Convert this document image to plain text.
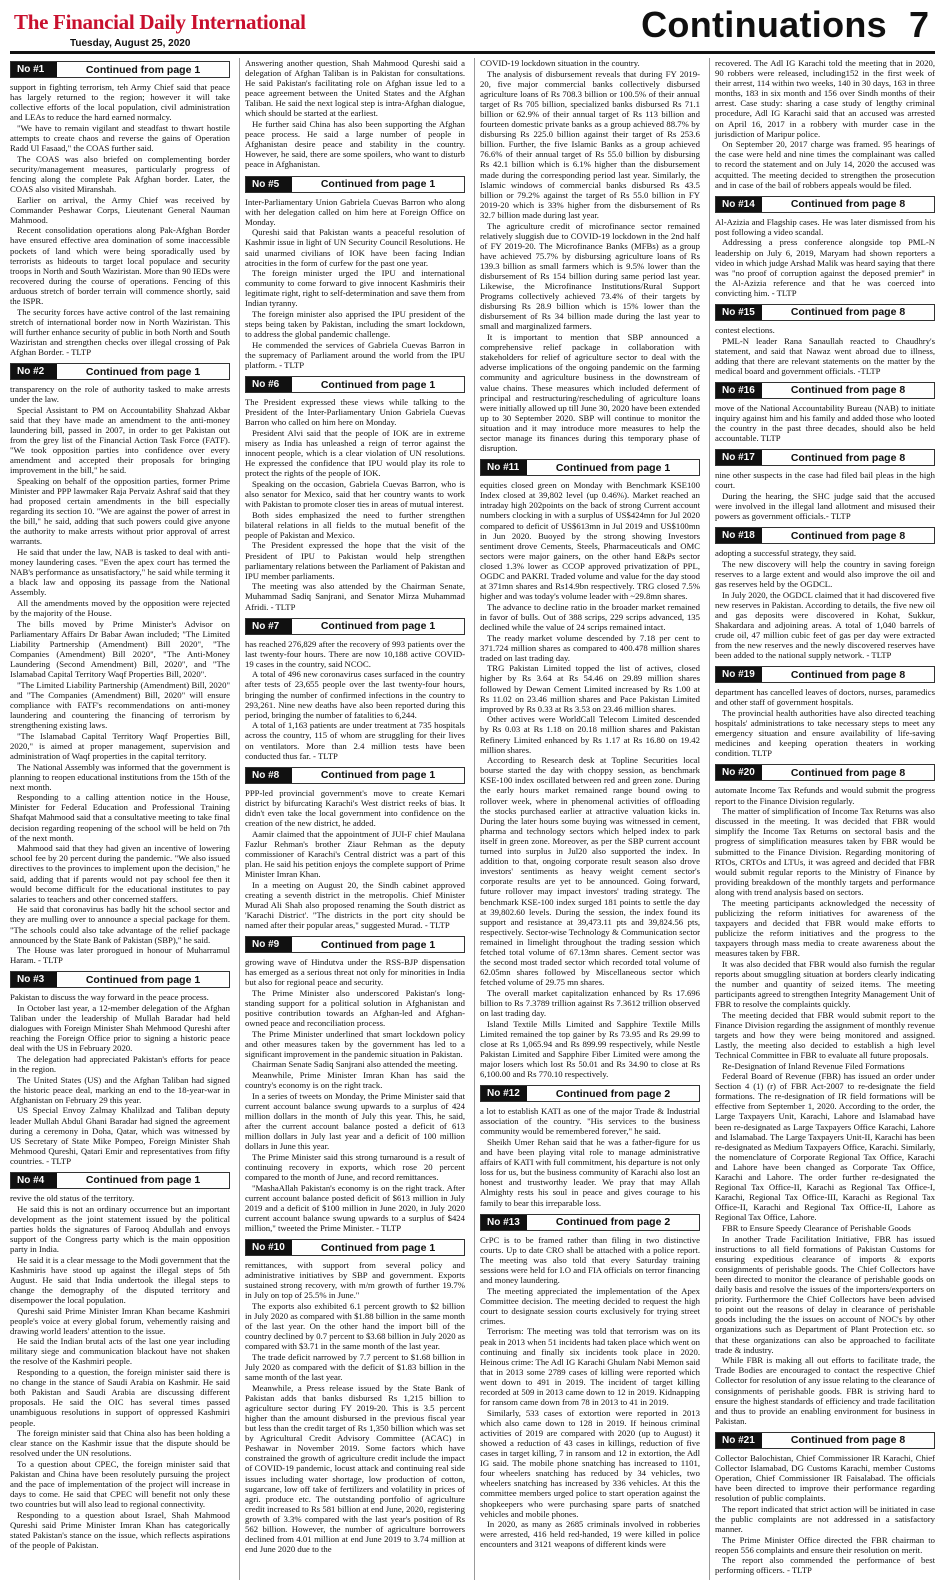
The Financial Daily International
Tuesday, August 25, 2020	Continuations 7
No #1	Continued from page 1

support in fighting terrorism, teh Army Chief said that peace has largely returned to the region; however it will take collective efforts of the local population, civil administration and LEAs to reduce the hard earned normalcy.

"We have to remain vigilant and steadfast to thwart hostile attempts to create chaos and reverse the gains of Operation Radd Ul Fasaad," the COAS further said.

The COAS was also briefed on complementing border security/management measures, particularly progress of fencing along the complete Pak Afghan border. Later, the COAS also visited Miranshah.

Earlier on arrival, the Army Chief was received by Commander Peshawar Corps, Lieutenant General Nauman Mahmood.

Recent consolidation operations along Pak-Afghan Border have ensured effective area domination of some inaccessible pockets of land which were being sporadically used by terrorists as hideouts to target local populace and security troops in North and South Waziristan. More than 90 IEDs were recovered during the course of operations. Fencing of this arduous stretch of border terrain will commence shortly, said the ISPR.

The security forces have active control of the last remaining stretch of international border now in North Waziristan. This will further enhance security of public in both North and South Waziristan and strengthen checks over illegal crossing of Pak Afghan Border. - TLTP

No #2	Continued from page 1

transparency on the role of authority tasked to make arrests under the law.

Special Assistant to PM on Accountability Shahzad Akbar said that they have made an amendment to the anti-money laundering bill, passed in 2007, in order to get Pakistan out from the grey list of the Financial Action Task Force (FATF). "We took opposition parties into confidence over every amendment and accepted their proposals for bringing improvement in the bill," he said.

Speaking on behalf of the opposition parties, former Prime Minister and PPP lawmaker Raja Pervaiz Ashraf said that they had proposed certain amendments in the bill especially regarding its section 10. "We are against the power of arrest in the bill," he said, adding that such powers could give anyone the authority to make arrests without prior approval of arrest warrants.

He said that under the law, NAB is tasked to deal with anti-money laundering cases. "Even the apex court has termed the NAB's performance as unsatisfactory," he said while terming it a black law and opposing its passage from the National Assembly.

All the amendments moved by the opposition were rejected by the majority of the House.

The bills moved by Prime Minister's Advisor on Parliamentary Affairs Dr Babar Awan included; "The Limited Liability Partnership (Amendment) Bill 2020", "The Companies (Amendment) Bill 2020", "The Anti-Money Laundering (Second Amendment) Bill, 2020", and "The Islamabad Capital Territory Waqf Properties Bill, 2020".

"The Limited Liability Partnership (Amendment) Bill, 2020" and "The Companies (Amendment) Bill, 2020" will ensure compliance with FATF's recommendations on anti-money laundering and countering the financing of terrorism by strengthening existing laws.

"The Islamabad Capital Territory Waqf Properties Bill, 2020," is aimed at proper management, supervision and administration of Waqf properties in the capital territory.

The National Assembly was informed that the government is planning to reopen educational institutions from the 15th of the next month.

Responding to a calling attention notice in the House, Minister for Federal Education and Professional Training Shafqat Mahmood said that a consultative meeting to take final decision regarding reopening of the school will be held on 7th of the next month.

Mahmood said that they had given an incentive of lowering school fee by 20 percent during the pandemic. "We also issued directives to the provinces to implement upon the decision," he said, adding that if parents would not pay school fee then it would become difficult for the educational institutes to pay salaries to teachers and other concerned staffers.

He said that coronavirus has badly hit the school sector and they are mulling over to announce a special package for them. "The schools could also take advantage of the relief package announced by the State Bank of Pakistan (SBP)," he said.

The House was later prorogued in honour of Muharramul Haram. - TLTP

No #3	Continued from page 1

Pakistan to discuss the way forward in the peace process.

In October last year, a 12-member delegation of the Afghan Taliban under the leadership of Mullah Baradar had held dialogues with Foreign Minister Shah Mehmood Qureshi after reaching the Foreign Office prior to signing a historic peace deal with the US in February 2020.

The delegation had appreciated Pakistan's efforts for peace in the region.

The United States (US) and the Afghan Taliban had signed the historic peace deal, marking an end to the 18-year-war in Afghanistan on February 29 this year.

US Special Envoy Zalmay Khalilzad and Taliban deputy leader Mullah Abdul Ghani Baradar had signed the agreement during a ceremony in Doha, Qatar, which was witnessed by US Secretary of State Mike Pompeo, Foreign Minister Shah Mehmood Qureshi, Qatari Emir and representatives from fifty countries. - TLTP

No #4	Continued from page 1

revive the old status of the territory.

He said this is not an ordinary occurrence but an important development as the joint statement issued by the political parties holds the signatures of Farooq Abdullah and envoys support of the Congress party which is the main opposition party in India.

He said it is a clear message to the Modi government that the Kashmiris have stood up against the illegal steps of 5th August. He said that India undertook the illegal steps to change the demography of the disputed territory and disempower the local population.

Qureshi said Prime Minister Imran Khan became Kashmiri people's voice at every global forum, vehemently raising and drawing world leaders' attention to the issue.

He said the Indian brutal acts of the last one year including military siege and communication blackout have not shaken the resolve of the Kashmiri people.

Responding to a question, the foreign minister said there is no change in the stance of Saudi Arabia on Kashmir. He said both Pakistan and Saudi Arabia are discussing different proposals. He said the OIC has several times passed unambiguous resolutions in support of oppressed Kashmiri people.

The foreign minister said that China also has been holding a clear stance on the Kashmir issue that the dispute should be resolved under the UN resolutions.

To a question about CPEC, the foreign minister said that Pakistan and China have been resolutely pursuing the project and the pace of implementation of the project will increase in days to come. He said that CPEC will benefit not only these two countries but will also lead to regional connectivity.

Responding to a question about Israel, Shah Mahmood Qureshi said Prime Minister Imran Khan has categorically stated Pakistan's stance on the issue, which reflects aspirations of the people of Pakistan.

Answering another question, Shah Mahmood Qureshi said a delegation of Afghan Taliban is in Pakistan for consultations. He said Pakistan's facilitating role on Afghan issue led to a peace agreement between the United States and the Afghan Taliban. He said the next logical step is intra-Afghan dialogue, which should be started at the earliest.

He further said China has also been supporting the Afghan peace process. He said a large number of people in Afghanistan desire peace and stability in the country. However, he said, there are some spoilers, who want to disturb peace in Afghanistan.

No #5	Continued from page 1

Inter-Parliamentary Union Gabriela Cuevas Barron who along with her delegation called on him here at Foreign Office on Monday.

Qureshi said that Pakistan wants a peaceful resolution of Kashmir issue in light of UN Security Council Resolutions. He said unarmed civilians of IOK have been facing Indian atrocities in the form of curfew for the past one year.

The foreign minister urged the IPU and international community to come forward to give innocent Kashmiris their legitimate right, right to self-determination and save them from Indian tyranny.

The foreign minister also apprised the IPU president of the steps being taken by Pakistan, including the smart lockdown, to address the global pandemic challenge.

He commended the services of Gabriela Cuevas Barron in the supremacy of Parliament around the world from the IPU platform. - TLTP

No #6	Continued from page 1

The President expressed these views while talking to the President of the Inter-Parliamentary Union Gabriela Cuevas Barron who called on him here on Monday.

President Alvi said that the people of IOK are in extreme misery as India has unleashed a reign of terror against the innocent people, which is a clear violation of UN resolutions. He expressed the confidence that IPU would play its role to protect the rights of the people of IOK.

Speaking on the occasion, Gabriela Cuevas Barron, who is also senator for Mexico, said that her country wants to work with Pakistan to promote closer ties in areas of mutual interest.

Both sides emphasized the need to further strengthen bilateral relations in all fields to the mutual benefit of the people of Pakistan and Mexico.

The President expressed the hope that the visit of the President of IPU to Pakistan would help strengthen parliamentary relations between the Parliament of Pakistan and IPU member parliaments.

The meeting was also attended by the Chairman Senate, Muhammad Sadiq Sanjrani, and Senator Mirza Muhammad Afridi. - TLTP

No #7	Continued from page 1

has reached 276,829 after the recovery of 993 patients over the last twenty-four hours. There are now 10,188 active COVID-19 cases in the country, said NCOC.

A total of 496 new coronavirus cases surfaced in the country after tests of 23,655 people over the last twenty-four hours, bringing the number of confirmed infections in the country to 293,261. Nine new deaths have also been reported during this period, bringing the number of fatalities to 6,244.

A total of 1,163 patients are under treatment at 735 hospitals across the country, 115 of whom are struggling for their lives on ventilators. More than 2.4 million tests have been conducted thus far. - TLTP

No #8	Continued from page 1

PPP-led provincial government's move to create Kemari district by bifurcating Karachi's West district reeks of bias. It didn't even take the local government into confidence on the creation of the new district, he added.

Aamir claimed that the appointment of JUI-F chief Maulana Fazlur Rehman's brother Ziaur Rehman as the deputy commissioner of Karachi's Central district was a part of this plan. He said his petition enjoys the complete support of Prime Minister Imran Khan.

In a meeting on August 20, the Sindh cabinet approved creating a seventh district in the metropolis. Chief Minister Murad Ali Shah also proposed renaming the South district as 'Karachi District'. "The districts in the port city should be named after their popular areas," suggested Murad. - TLTP

No #9	Continued from page 1

growing wave of Hindutva under the RSS-BJP dispensation has emerged as a serious threat not only for minorities in India but also for regional peace and security.

The Prime Minister also underscored Pakistan's long-standing support for a political solution in Afghanistan and positive contribution towards an Afghan-led and Afghan-owned peace and reconciliation process.

The Prime Minister underlined that smart lockdown policy and other measures taken by the government has led to a significant improvement in the pandemic situation in Pakistan.

Chairman Senate Sadiq Sanjrani also attended the meeting.

Meanwhile, Prime Minister Imran Khan has said the country's economy is on the right track.

In a series of tweets on Monday, the Prime Minister said that current account balance swung upwards to a surplus of 424 million dollars in the month of July this year. This, he said, after the current account balance posted a deficit of 613 million dollars in July last year and a deficit of 100 million dollars in June this year.

The Prime Minister said this strong turnaround is a result of continuing recovery in exports, which rose 20 percent compared to the month of June, and record remittances.

"MashaAllah Pakistan's economy is on the right track. After current account balance posted deficit of $613 million in July 2019 and a deficit of $100 million in June 2020, in July 2020 current account balance swung upwards to a surplus of $424 million," tweeted the Prime Minister. - TLTP

No #10	Continued from page 1

remittances, with support from several policy and administrative initiatives by SBP and government. Exports sustained strong recovery, with m/m growth of further 19.7% in July on top of 25.5% in June."

The exports also exhibited 6.1 percent growth to $2 billion in July 2020 as compared with $1.88 billion in the same month of the last year. On the other hand the import bill of the country declined by 0.7 percent to $3.68 billion in July 2020 as compared with $3.71 in the same month of the last year.

The trade deficit narrowed by 7.7 percent to $1.68 billion in July 2020 as compared with the deficit of $1.83 billion in the same month of the last year.

Meanwhile, a Press release issued by the State Bank of Pakistan adds that banks disbursed Rs 1,215 billion to agriculture sector during FY 2019-20. This is 3.5 percent higher than the amount disbursed in the previous fiscal year but less than the credit target of Rs 1,350 billion which was set by Agricultural Credit Advisory Committee (ACAC) in Peshawar in November 2019. Some factors which have constrained the growth of agriculture credit include the impact of COVID-19 pandemic, locust attack and continuing real side issues including water shortage, low production of cotton, sugarcane, low off take of fertilizers and volatility in prices of agri. produce etc. The outstanding portfolio of agriculture credit increased to Rs 581 billion at end June, 2020, registering growth of 3.3% compared with the last year's position of Rs 562 billion. However, the number of agriculture borrowers declined from 4.01 million at end June 2019 to 3.74 million at end June 2020 due to the

COVID-19 lockdown situation in the country.

The analysis of disbursement reveals that during FY 2019-20, five major commercial banks collectively disbursed agriculture loans of Rs 708.3 billion or 100.5% of their annual target of Rs 705 billion, specialized banks disbursed Rs 71.1 billion or 62.9% of their annual target of Rs 113 billion and fourteen domestic private banks as a group achieved 88.7% by disbursing Rs 225.0 billion against their target of Rs 253.6 billion. Further, the five Islamic Banks as a group achieved 76.6% of their annual target of Rs 55.0 billion by disbursing Rs 42.1 billion which is 6.1% higher than the disbursement made during the corresponding period last year. Similarly, the Islamic windows of commercial banks disbursed Rs 43.5 billion or 79.2% against the target of Rs 55.0 billion in FY 2019-20 which is 33% higher from the disbursement of Rs 32.7 billion made during last year.

The agriculture credit of microfinance sector remained relatively sluggish due to COVID-19 lockdown in the 2nd half of FY 2019-20. The Microfinance Banks (MFBs) as a group have achieved 75.7% by disbursing agriculture loans of Rs 139.3 billion as small farmers which is 9.5% lower than the disbursement of Rs 154 billion during same period last year. Likewise, the Microfinance Institutions/Rural Support Programs collectively achieved 73.4% of their targets by disbursing Rs 28.9 billion which is 15% lower than the disbursement of Rs 34 billion made during the last year to small and marginalized farmers.

It is important to mention that SBP announced a comprehensive relief package in collaboration with stakeholders for relief of agriculture sector to deal with the adverse implications of the ongoing pandemic on the farming community and agriculture business in the downstream of value chains. These measures which included deferment of principal and restructuring/rescheduling of agriculture loans were initially allowed up till June 30, 2020 have been extended up to 30 September 2020. SBP will continue to monitor the situation and it may introduce more measures to help the sector manage its finances during this temporary phase of disruption.

No #11	Continued from page 1

equities closed green on Monday with Benchmark KSE100 Index closed at 39,802 level (up 0.46%). Market reached an intraday high 202points on the back of strong Current account numbers clocking in with a surplus of US$424mn for Jul 2020 compared to deficit of US$613mn in Jul 2019 and US$100mn in Jun 2020. Buoyed by the strong showing Investors sentiment drove Cements, Steels, Pharmaceuticals and OMC sectors were major gainers, on the other hand E&Ps sector closed 1.3% lower as CCOP approved privatization of PPL, OGDC and PAKRI. Traded volume and value for the day stood at 371mn shares and Rs14.9bn respectively. TRG closed 7.5% higher and was today's volume leader with ~29.8mn shares.

The advance to decline ratio in the broader market remained in favor of bulls. Out of 388 scrips, 229 scrips advanced, 135 declined while the value of 24 scrips remained intact.

The ready market volume descended by 7.18 per cent to 371.724 million shares as compared to 400.478 million shares traded on last trading day.

TRG Pakistan Limited topped the list of actives, closed higher by Rs 3.64 at Rs 54.46 on 29.89 million shares followed by Dewan Cement Limited increased by Rs 1.00 at Rs 11.02 on 23.46 million shares and Pace Pakistan Limited improved by Rs 0.33 at Rs 3.53 on 23.46 million shares.

Other actives were WorldCall Telecom Limited descended by Rs 0.03 at Rs 1.18 on 20.18 million shares and Pakistan Refinery Limited enhanced by Rs 1.17 at Rs 16.80 on 19.42 million shares.

According to Research desk at Topline Securities local bourse started the day with choppy session, as benchmark KSE-100 index oscillated between red and green zone. During the early hours market remained range bound owing to rollover week, where in phenomenal activities of offloading the stocks purchased earlier at attractive valuation kicks in. During the later hours some buying was witnessed in cement, pharma and technology sectors which helped index to park itself in green zone. Moreover, as per the SBP current account turned into surplus in Jul20 also supported the index. In addition to that, ongoing corporate result season also drove investors' sentiments as heavy weight cement sector's corporate results are yet to be announced. Going forward, future rollover may impact investors' trading strategy. The benchmark KSE-100 index surged 181 points to settle the day at 39,802.60 levels. During the session, the index found its support and resistance at 39,473.11 pts and 39,824.56 pts, respectively. Sector-wise Technology & Communication sector remained in limelight throughout the trading session which fetched total volume of 67.13mn shares. Cement sector was the second most traded sector which recorded total volume of 62.05mn shares followed by Miscellaneous sector which fetched volume of 29.75 mn shares.

The overall market capitalization enhanced by Rs 17.696 billion to Rs 7.3789 trillion against Rs 7.3612 trillion observed on last trading day.

Island Textile Mills Limited and Sapphire Textile Mills Limited remained the top gainer by Rs 73.95 and Rs 29.99 to close at Rs 1,065.94 and Rs 899.99 respectively, while Nestle Pakistan Limited and Sapphire Fiber Limited were among the major losers which lost Rs 50.01 and Rs 34.90 to close at Rs 6,100.00 and Rs 770.10 respectively.

No #12	Continued from page 2

a lot to establish KATI as one of the major Trade & Industrial association of the country. "His services to the business community would be remembered forever," he said.

Sheikh Umer Rehan said that he was a father-figure for us and have been playing vital role to manage administrative affairs of KATI with full commitment, his departure is not only loss for us, but the business community of Karachi also lost an honest and trustworthy leader. We pray that may Allah Almighty rests his soul in peace and gives courage to his family to bear this irreparable loss.

No #13	Continued from page 2

CrPC is to be framed rather than filing in two distinctive courts. Up to date CRO shall be attached with a police report. The meeting was also told that every Saturday training sessions were held for I.O and FIA officials on terror financing and money laundering.

The meeting appreciated the implementation of the Apex Committee decision. The meeting decided to request the high court to designate session courts exclusively for trying street crimes.

Terrorism: The meeting was told that terrorism was on its peak in 2013 when 51 incidents had taken place which went on continuing and finally six incidents took place in 2020. Heinous crime: The Adl IG Karachi Ghulam Nabi Memon said that in 2013 some 2789 cases of killing were reported which went down to 491 in 2019. The incident of target killing recorded at 509 in 2013 came down to 12 in 2019. Kidnapping for ransom came down from 78 in 2013 to 41 in 2019.

Similarly, 533 cases of extortion were reported in 2013 which also came down to 128 in 2019. If heinous criminal activities of 2019 are compared with 2020 (up to August) it showed a reduction of 43 cases in killings, reduction of five cases in target killing, 7 in ransom and 12 in extortion, the Adl IG said. The mobile phone snatching has increased to 1101, four wheelers snatching has reduced by 34 vehicles, two wheelers snatching has increased by 336 vehicles. At this the committee members urged police to start operation against the shopkeepers who were purchasing spare parts of snatched vehicles and mobile phones.

In 2020, as many as 2685 criminals involved in robberies were arrested, 416 held red-handed, 19 were killed in police encounters and 3121 weapons of different kinds were

recovered. The Adl IG Karachi told the meeting that in 2020, 90 robbers were released, including152 in the first week of their arrest, 114 within two weeks, 140 in 30 days, 163 in three months, 183 in six month and 156 over Sindh months of their arrest. Case study: sharing a case study of lengthy criminal procedure, Adl IG Karachi said that an accused was arrested on April 16, 2017 in a robbery with murder case in the jurisdiction of Maripur police.

On September 20, 2017 charge was framed. 95 hearings of the case were held and nine times the complainant was called to record the statement and on July 14, 2020 the accused was acquitted. The meeting decided to strengthen the prosecution and in case of the bail of robbers appeals would be filed.

No #14	Continued from page 8

Al-Azizia and Flagship cases. He was later dismissed from his post following a video scandal.

Addressing a press conference alongside top PML-N leadership on July 6, 2019, Maryam had shown reporters a video in which judge Arshad Malik was heard saying that there was "no proof of corruption against the deposed premier" in the Al-Azizia reference and that he was coerced into convicting him. - TLTP

No #15	Continued from page 8

contest elections.

PML-N leader Rana Sanaullah reacted to Chaudhry's statement, and said that Nawaz went abroad due to illness, adding that there are relevant statements on the matter by the medical board and government officials. -TLTP

No #16	Continued from page 8

move of the National Accountability Bureau (NAB) to initiate inquiry against him and his family and added those who looted the country in the past three decades, should also be held accountable. TLTP

No #17	Continued from page 8

nine other suspects in the case had filed bail pleas in the high court.

During the hearing, the SHC judge said that the accused were involved in the illegal land allotment and misused their powers as government officials.- TLTP

No #18	Continued from page 8

adopting a successful strategy, they said.

The new discovery will help the country in saving foreign reserves to a large extent and would also improve the oil and gas reserves held by the OGDCL.

In July 2020, the OGDCL claimed that it had discovered five new reserves in Pakistan. According to details, the five new oil and gas deposits were discovered in Kohat, Sukkur, Shakardara and adjoining areas. A total of 1,040 barrels of crude oil, 47 million cubic feet of gas per day were extracted from the new reserves and the newly discovered reserves have been added to the national supply network. - TLTP

No #19	Continued from page 8

department has cancelled leaves of doctors, nurses, paramedics and other staff of government hospitals.

The provincial health authorities have also directed teaching hospitals' administrations to take necessary steps to meet any emergency situation and ensure availability of life-saving medicines and keeping operation theaters in working condition. TLTP

No #20	Continued from page 8

automate Income Tax Refunds and would submit the progress report to the Finance Division regularly.

The matter of simplification of Income Tax Returns was also discussed in the meeting. It was decided that FBR would simplify the Income Tax Returns on sectoral basis and the progress of simplification measures taken by FBR would be submitted to the Finance Division. Regarding monitoring of RTOs, CRTOs and LTUs, it was agreed and decided that FBR would submit regular reports to the Ministry of Finance by providing breakdown of the monthly targets and performance along with trend analysis based on sectors.

The meeting participants acknowledged the necessity of publicizing the reform initiatives for awareness of the taxpayers and decided that FBR would make efforts to publicize the reform initiatives and the progress to the taxpayers through mass media to create awareness about the measures taken by FBR.

It was also decided that FBR would also furnish the regular reports about smuggling situation at borders clearly indicating the number and quantity of seized items. The meeting participants agreed to strengthen Integrity Management Unit of FBR to resolve the complaints quickly.

The meeting decided that FBR would submit report to the Finance Division regarding the assignment of monthly revenue targets and how they were being monitored and assigned. Lastly, the meeting also decided to establish a high level Technical Committee in FBR to evaluate all future proposals.

Re-Designation of Inland Revenue Filed Formations

Federal Board of Revenue (FBR) has issued an order under Section 4 (1) (r) of FBR Act-2007 to re-designate the field formations. The re-designation of IR field formations will be effective from September 1, 2020. According to the order, the Large Taxpayers Unit, Karachi, Lahore and Islamabad have been re-designated as Large Taxpayers Office Karachi, Lahore and Islamabad. The Large Taxpayers Unit-II, Karachi has been re-designated as Medium Taxpayers Office, Karachi. Similarly, the nomenclature of Corporate Regional Tax Office, Karachi and Lahore have been changed as Corporate Tax Office, Karachi and Lahore. The order further re-designated the Regional Tax Office-II, Karachi as Regional Tax Office-I, Karachi, Regional Tax Office-III, Karachi as Regional Tax Office-II, Karachi and Regional Tax Office-II, Lahore as Regional Tax Office, Lahore.

FBR to Ensure Speedy Clearance of Perishable Goods

In another Trade Facilitation Initiative, FBR has issued instructions to all field formations of Pakistan Customs for ensuring expeditious clearance of imports & exports consignments of perishable goods. The Chief Collectors have been directed to monitor the clearance of perishable goods on daily basis and resolve the issues of the importers/exporters on priority. Furthermore the Chief Collectors have been advised to point out the reasons of delay in clearance of perishable goods including the the issues on account of NOC's by other organizations such as Department of Plant Protection etc. so that these organizations can also be approached to facilitate trade & industry.

While FBR is making all out efforts to facilitate trade, the Trade Bodies are encouraged to contact the respective Chief Collector for resolution of any issue relating to the clearance of consignments of perishable goods. FBR is striving hard to ensure the highest standards of efficiency and trade facilitation and thus to provide an enabling environment for business in Pakistan.

No #21	Continued from page 8

Collector Balochistan, Chief Commissioner IR Karachi, Chief Collector Islamabad, DG Customs Karachi, member Customs Operation, Chief Commissioner IR Faisalabad. The officials have been directed to improve their performance regarding resolution of public complaints.

The report indicated that strict action will be initiated in case the public complaints are not addressed in a satisfactory manner.

The Prime Minister Office directed the FBR chairman to reopen 556 complaints and ensure their resolution on merit.

The report also commended the performance of best performing officers. - TLTP
